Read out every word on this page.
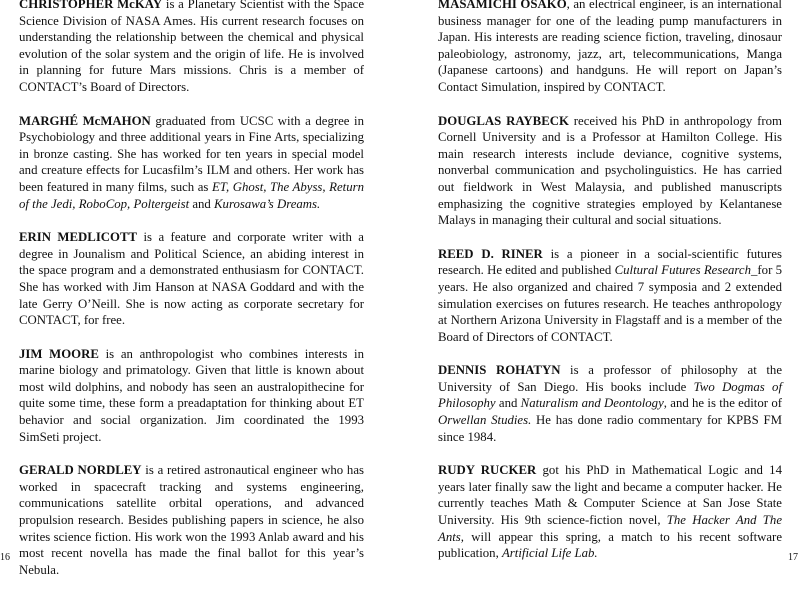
CHRISTOPHER McKAY is a Planetary Scientist with the Space Science Division of NASA Ames. His current research focuses on understanding the relationship between the chemical and physical evolution of the solar system and the origin of life. He is involved in planning for future Mars missions. Chris is a member of CONTACT’s Board of Directors.

MARGHÉ McMAHON graduated from UCSC with a degree in Psychobiology and three additional years in Fine Arts, specializing in bronze casting. She has worked for ten years in special model and creature effects for Lucasfilm’s ILM and others. Her work has been featured in many films, such as ET, Ghost, The Abyss, Return of the Jedi, RoboCop, Poltergeist and Kurosawa’s Dreams.

ERIN MEDLICOTT is a feature and corporate writer with a degree in Jounalism and Political Science, an abiding interest in the space program and a demonstrated enthusiasm for CONTACT. She has worked with Jim Hanson at NASA Goddard and with the late Gerry O’Neill. She is now acting as corporate secretary for CONTACT, for free.

JIM MOORE is an anthropologist who combines interests in marine biology and primatology. Given that little is known about most wild dolphins, and nobody has seen an australopithecine for quite some time, these form a preadaptation for thinking about ET behavior and social organization. Jim coordinated the 1993 SimSeti project.

GERALD NORDLEY is a retired astronautical engineer who has worked in spacecraft tracking and systems engineering, communications satellite orbital operations, and advanced propulsion research. Besides publishing papers in science, he also writes science fiction. His work won the 1993 Anlab award and his most recent novella has made the final ballot for this year’s Nebula.

16

MASAMICHI OSAKO, an electrical engineer, is an international business manager for one of the leading pump manufacturers in Japan. His interests are reading science fiction, traveling, dinosaur paleobiology, astronomy, jazz, art, telecommunications, Manga (Japanese cartoons) and handguns. He will report on Japan’s Contact Simulation, inspired by CONTACT.

DOUGLAS RAYBECK received his PhD in anthropology from Cornell University and is a Professor at Hamilton College. His main research interests include deviance, cognitive systems, nonverbal communication and psycholinguistics. He has carried out fieldwork in West Malaysia, and published manuscripts emphasizing the cognitive strategies employed by Kelantanese Malays in managing their cultural and social situations.

REED D. RINER is a pioneer in a social-scientific futures research. He edited and published Cultural Futures Research_for 5 years. He also organized and chaired 7 symposia and 2 extended simulation exercises on futures research. He teaches anthropology at Northern Arizona University in Flagstaff and is a member of the Board of Directors of CONTACT.

DENNIS ROHATYN is a professor of philosophy at the University of San Diego. His books include Two Dogmas of Philosophy and Naturalism and Deontology, and he is the editor of Orwellan Studies. He has done radio commentary for KPBS FM since 1984.

RUDY RUCKER got his PhD in Mathematical Logic and 14 years later finally saw the light and became a computer hacker. He currently teaches Math & Computer Science at San Jose State University. His 9th science-fiction novel, The Hacker And The Ants, will appear this spring, a match to his recent software publication, Artificial Life Lab.	17
